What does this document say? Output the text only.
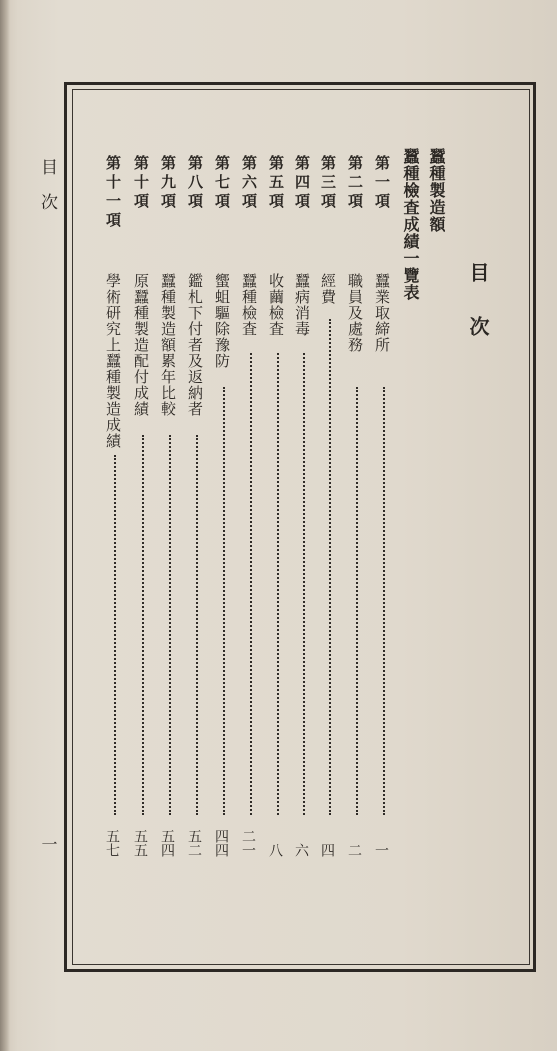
目次
一
目次
蠶種製造額
蠶種檢査成績一覽表
第一項
蠶業取締所
一
第二項
職員及處務
二
第三項
經費
四
第四項
蠶病消毒
六
第五項
收繭檢査
八
第六項
蠶種檢査
二一
第七項
蠁蛆驅除豫防
四四
第八項
鑑札下付者及返納者
五二
第九項
蠶種製造額累年比較
五四
第十項
原蠶種製造配付成績
五五
第十一項
學術研究上蠶種製造成績
五七
